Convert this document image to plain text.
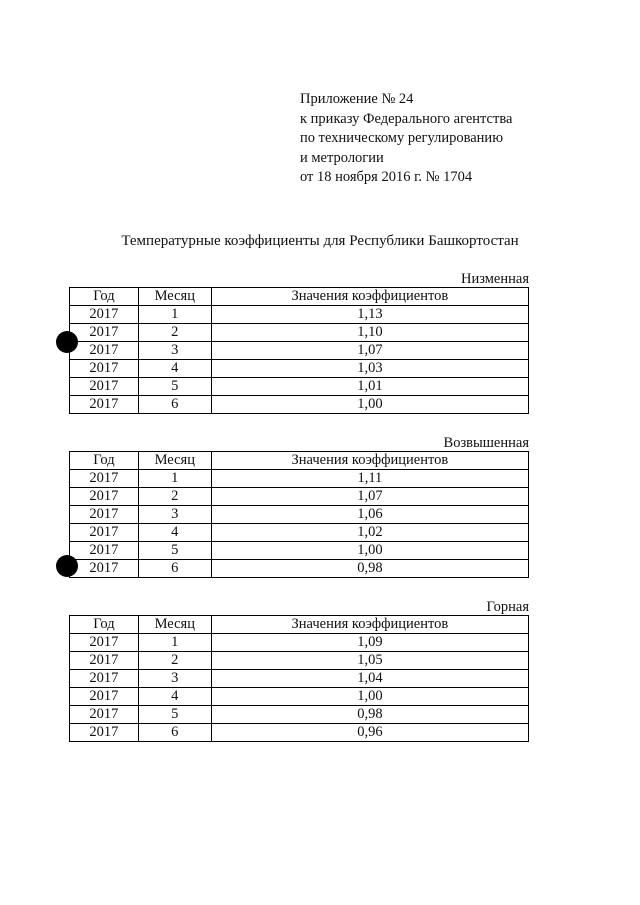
Приложение № 24
к приказу Федерального агентства
по техническому регулированию
и метрологии
от 18 ноября 2016 г. № 1704
Температурные коэффициенты для Республики Башкортостан
Низменная
Год	Месяц	Значения коэффициентов
2017	1	1,13
2017	2	1,10
2017	3	1,07
2017	4	1,03
2017	5	1,01
2017	6	1,00
Возвышенная
Год	Месяц	Значения коэффициентов
2017	1	1,11
2017	2	1,07
2017	3	1,06
2017	4	1,02
2017	5	1,00
2017	6	0,98
Горная
Год	Месяц	Значения коэффициентов
2017	1	1,09
2017	2	1,05
2017	3	1,04
2017	4	1,00
2017	5	0,98
2017	6	0,96
